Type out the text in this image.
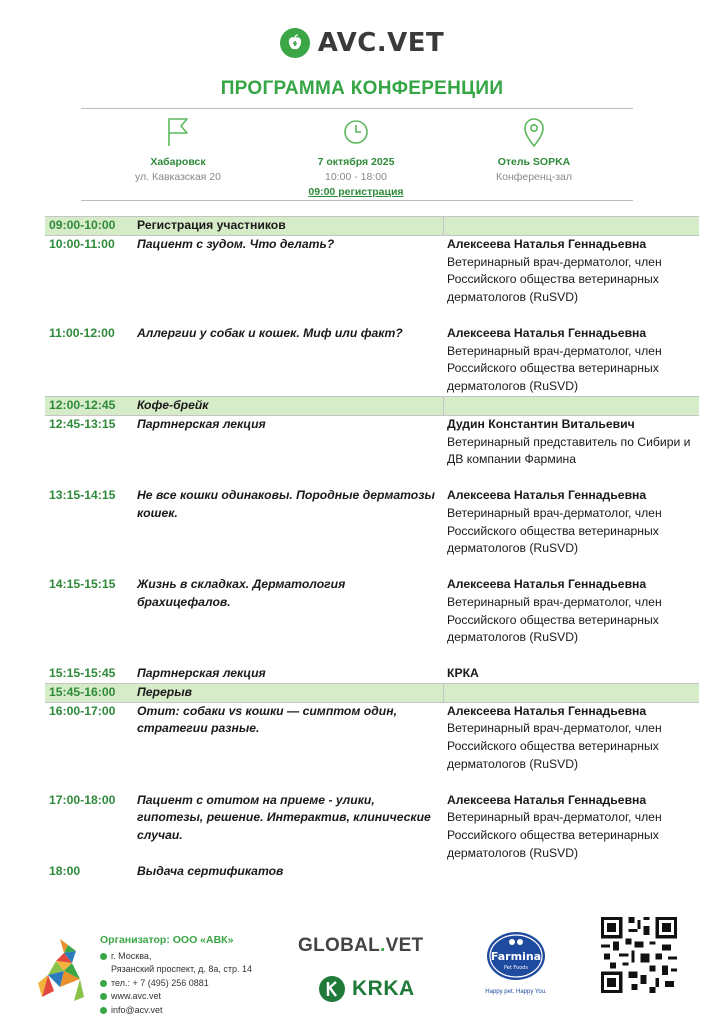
AVC.VET
ПРОГРАММА КОНФЕРЕНЦИИ
Хабаровск
ул. Кавказская 20
7 октября 2025
10:00 - 18:00
09:00 регистрация
Отель SOPKA
Конференц-зал
09:00-10:00	Регистрация участников	
10:00-11:00	Пациент с зудом. Что делать?	Алексеева Наталья Геннадьевна
Ветеринарный врач-дерматолог, член Российского общества ветеринарных дерматологов (RuSVD)

11:00-12:00	Аллергии у собак и кошек. Миф или факт?	Алексеева Наталья Геннадьевна
Ветеринарный врач-дерматолог, член Российского общества ветеринарных дерматологов (RuSVD)

12:00-12:45	Кофе-брейк	
12:45-13:15	Партнерская лекция	Дудин Константин Витальевич
Ветеринарный представитель по Сибири и ДВ компании Фармина

13:15-14:15	Не все кошки одинаковы. Породные дерматозы кошек.	Алексеева Наталья Геннадьевна
Ветеринарный врач-дерматолог, член Российского общества ветеринарных дерматологов (RuSVD)

14:15-15:15	Жизнь в складках. Дерматология брахицефалов.	Алексеева Наталья Геннадьевна
Ветеринарный врач-дерматолог, член Российского общества ветеринарных дерматологов (RuSVD)

15:15-15:45	Партнерская лекция	КРКА

15:45-16:00	Перерыв	
16:00-17:00	Отит: собаки vs кошки — симптом один, стратегии разные.	Алексеева Наталья Геннадьевна
Ветеринарный врач-дерматолог, член Российского общества ветеринарных дерматологов (RuSVD)

17:00-18:00	Пациент с отитом на приеме - улики, гипотезы, решение. Интерактив, клинические случаи.	Алексеева Наталья Геннадьевна
Ветеринарный врач-дерматолог, член Российского общества ветеринарных дерматологов (RuSVD)

18:00	Выдача сертификатов	
Организатор: ООО «АВК»
г. Москва,
Рязанский проспект, д. 8а, стр. 14
тел.: + 7 (495) 256 0881
www.avc.vet
info@acv.vet
GLOBAL.VET
KRKA
Farmina
Pet Foods
Happy pet. Happy You.
